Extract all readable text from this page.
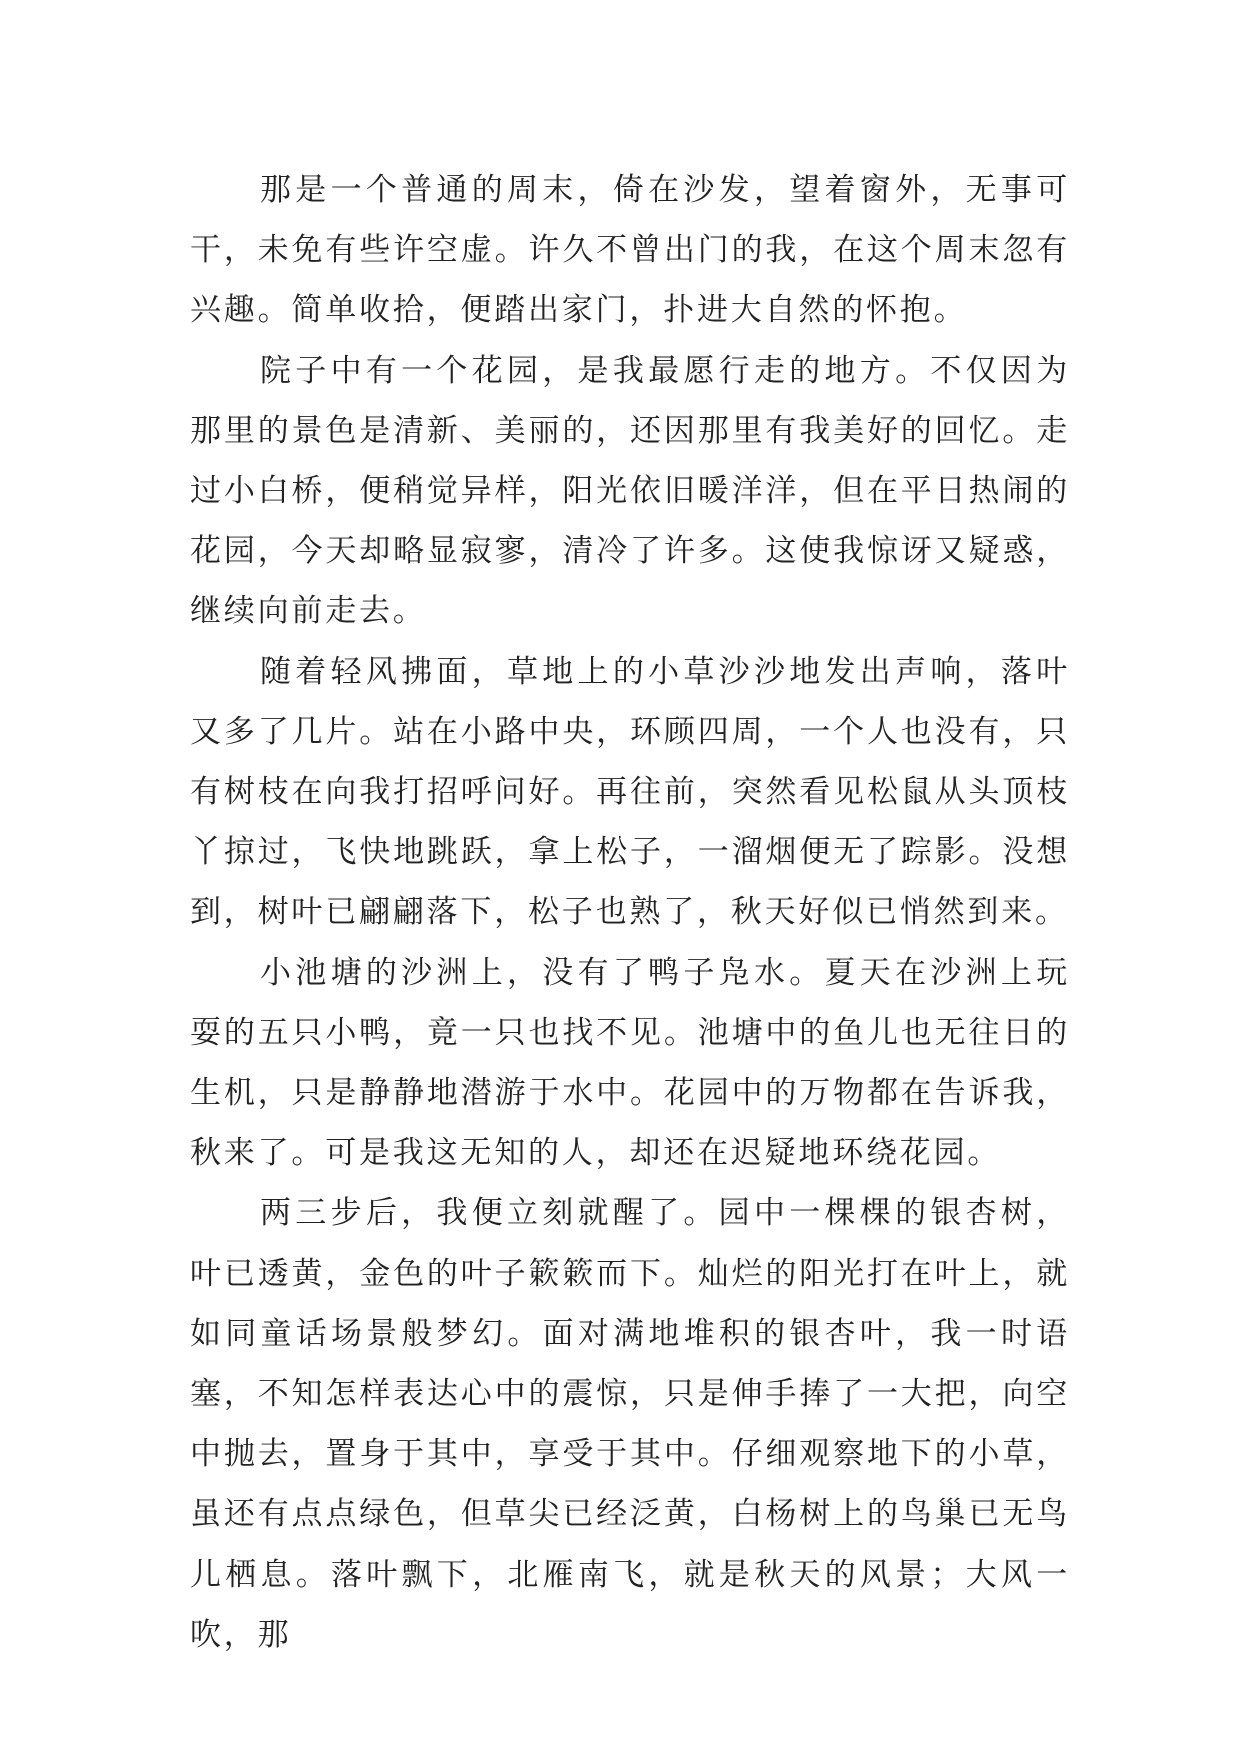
那是一个普通的周末，倚在沙发，望着窗外，无事可干，未免有些许空虚。许久不曾出门的我，在这个周末忽有兴趣。简单收拾，便踏出家门，扑进大自然的怀抱。

院子中有一个花园，是我最愿行走的地方。不仅因为那里的景色是清新、美丽的，还因那里有我美好的回忆。走过小白桥，便稍觉异样，阳光依旧暖洋洋，但在平日热闹的花园，今天却略显寂寥，清冷了许多。这使我惊讶又疑惑，继续向前走去。

随着轻风拂面，草地上的小草沙沙地发出声响，落叶又多了几片。站在小路中央，环顾四周，一个人也没有，只有树枝在向我打招呼问好。再往前，突然看见松鼠从头顶枝丫掠过，飞快地跳跃，拿上松子，一溜烟便无了踪影。没想到，树叶已翩翩落下，松子也熟了，秋天好似已悄然到来。

小池塘的沙洲上，没有了鸭子凫水。夏天在沙洲上玩耍的五只小鸭，竟一只也找不见。池塘中的鱼儿也无往日的生机，只是静静地潜游于水中。花园中的万物都在告诉我，秋来了。可是我这无知的人，却还在迟疑地环绕花园。

两三步后，我便立刻就醒了。园中一棵棵的银杏树，叶已透黄，金色的叶子簌簌而下。灿烂的阳光打在叶上，就如同童话场景般梦幻。面对满地堆积的银杏叶，我一时语塞，不知怎样表达心中的震惊，只是伸手捧了一大把，向空中抛去，置身于其中，享受于其中。仔细观察地下的小草，虽还有点点绿色，但草尖已经泛黄，白杨树上的鸟巢已无鸟儿栖息。落叶飘下，北雁南飞，就是秋天的风景；大风一吹，那
